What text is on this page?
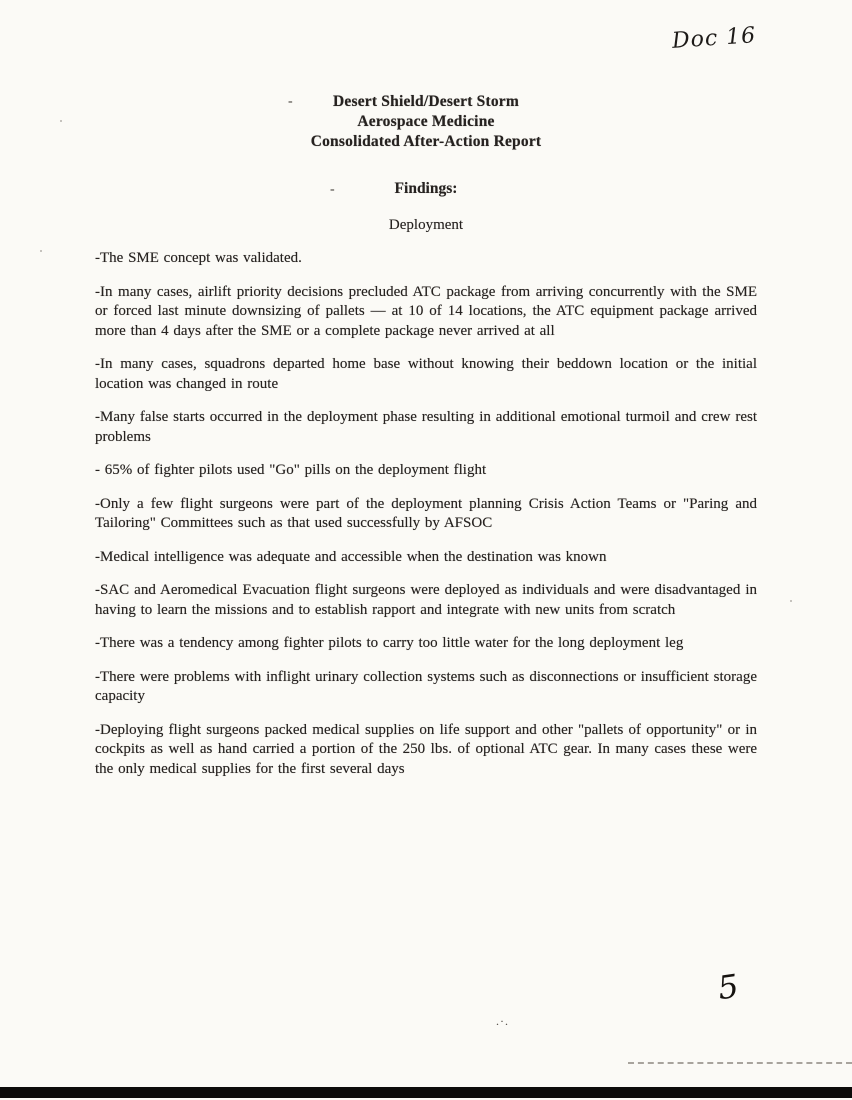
Doc 16
-
-
Desert Shield/Desert Storm
Aerospace Medicine
Consolidated After-Action Report
Findings:
Deployment

-The SME concept was validated.

-In many cases, airlift priority decisions precluded ATC package from arriving concurrently with the SME or forced last minute downsizing of pallets — at 10 of 14 locations, the ATC equipment package arrived more than 4 days after the SME or a complete package never arrived at all

-In many cases, squadrons departed home base without knowing their beddown location or the initial location was changed in route

-Many false starts occurred in the deployment phase resulting in additional emotional turmoil and crew rest problems

- 65% of fighter pilots used "Go" pills on the deployment flight

-Only a few flight surgeons were part of the deployment planning Crisis Action Teams or "Paring and Tailoring" Committees such as that used successfully by AFSOC

-Medical intelligence was adequate and accessible when the destination was known

-SAC and Aeromedical Evacuation flight surgeons were deployed as individuals and were disadvantaged in having to learn the missions and to establish rapport and integrate with new units from scratch

-There was a tendency among fighter pilots to carry too little water for the long deployment leg

-There were problems with inflight urinary collection systems such as disconnections or insufficient storage capacity

-Deploying flight surgeons packed medical supplies on life support and other "pallets of opportunity" or in cockpits as well as hand carried a portion of the 250 lbs. of optional ATC gear. In many cases these were the only medical supplies for the first several days

.·.
5
